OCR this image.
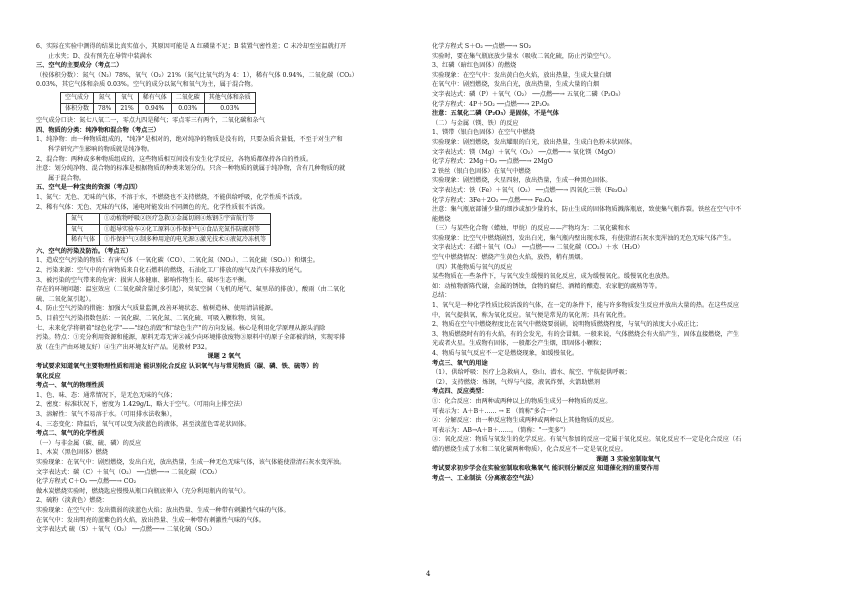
6、实际在实验中测得的结果比真实值小，其原因可能是 A 红磷量不足；B 装置气密性差；C 未冷却至室温就打开
止水夹；D、没有预先在导管中装满水
三、空气的主要成分（考点二）
（按体积分数）：氮气（N₂）78%，氧气（O₂）21%（氮气比氧气约为 4：1），稀有气体 0.94%，二氧化碳（CO₂）
0.03%，其它气体和杂质 0.03%。空气的成分以氮气和氧气为主，属于混合物。
空气成分	氮气	氧气	稀有气体	二氧化碳	其他气体和杂质
体积分数	78%	21%	0.94%	0.03%	0.03%
空气成分口诀：氮七八氧二一，零点九四是稀气；零点零三有两个，二氧化碳和杂气
四、物质的分类：纯净物和混合物（考点三）
1、纯净物：由一种物质组成的，"纯净"是相对的，绝对纯净的物质是没有的，只要杂质含量低，不至于对生产和
科学研究产生影响的物质就是纯净物。
2、混合物：两种或多种物质组成的，这些物质相互间没有发生化学反应，各物质都保持各自的性质。
注意：划分纯净物、混合物的标准是根据物质的种类来划分的。只含一种物质的就属于纯净物，含有几种物质的就
属于混合物。
五、空气是一种宝贵的资源（考点四）
1、氮气：无色、无味的气体，不溶于水，不燃烧也不支持燃烧，不能供给呼吸，化学性质不活泼。
2、稀有气体：无色、无味的气体，通电时能发出不同颜色的光，化学性质很不活泼。
氮气	①动植物呼吸②医疗急救③金属切割④炼钢⑤宇宙航行等
氧气	①超导实验车②化工原料③作保护气④食品充氮作防腐剂等
稀有气体	①作保护气②制多种用途的电光源③激光技术④液氦冷冻机等
六、空气的污染及防治。（考点五）
1、造成空气污染的物质：有害气体（一氧化碳（CO）、二氧化氮（NO₂）、二氧化硫（SO₂））和烟尘。
2、污染来源：空气中的有害物质来自化石燃料的燃烧，石油化工厂排放的废气及汽车排放的尾气。
3、被污染的空气带来的危害：损害人体健康、影响作物生长、破坏生态平衡。
存在的环境问题：温室效应（二氧化碳含量过多引起），臭氧空洞（飞机的尾气、氟里昂的排放），酸雨（由二氧化
硫、二氧化氮引起）。
4、防止空气污染的措施：加强大气质量监测,改善环境状态、植树造林、使用清洁能源。
5、目前空气污染指数包括：一氧化碳、二氧化氮、二氧化硫、可吸入颗粒物、臭氧。
七、未来化学将朝着"绿色化学"——"绿色消毁"和"绿色生产"的方向发展。核心是利用化学原理从源头消除
污染。特点：①充分利用资源和能源，原料无毒无害②减少向环境排放废物③原料中的原子全部被消纳，实现零排
放（在生产由环境友好）④生产出环境友好产品。见教材 P32。
课题 2 氧气
考试要求知道氧气主要物理性质和用途 能识别化合反应 认识氧气与与常见物质（碳、磷、铁、硫等）的
氧化反应
考点一、氧气的物理性质
1、色、味、态：通常情况下，是无色无味的气体；
2、密度：标准状况下，密度为 1.429g/L，略大于空气。（可用向上排空法）
3、溶解性：氧气不易溶于水。（可用排水法收集），
4、三态变化：降温后，氧气可以变为淡蓝色的液体，甚至淡蓝色雪花状固体。
考点二、氧气的化学性质
（一）与非金属（碳、硫、磷）的反应
1、木炭（黑色固体）燃烧
实验现象：在氧气中：剧烈燃烧，发出白光，放出热量，生成一种无色无味气体，该气体能使澄清石灰水变浑浊。
文字表达式：碳（C）＋氧气（O₂） ──点燃──→ 二氧化碳（CO₂）
化学方程式 C＋O₂ ──点燃──→ CO₂
做木炭燃烧实验时，燃烧匙应慢慢从瓶口向瓶底伸入（充分利用瓶内的氧气）。
2、硫粉（淡黄色）燃烧：
实验现象：在空气中：发出微弱的淡蓝色火焰；放出热量、生成一种带有刺激性气味的气体。
在氧气中：发出明亮的蓝紫色的火焰，放出热量、生成一种带有刺激性气味的气体。
文字表达式 硫（S）＋氧气（O₂） ──点燃──→ 二氧化硫（SO₂）
化学方程式 S＋O₂ ──点燃──→ SO₂
实验时，要在集气瓶底放少量水（吸收二氧化硫，防止污染空气）。
3、红磷（暗红色固体）的燃烧
实验现象：在空气中：发出黄白色火焰，放出热量，生成大量白烟
在氧气中：剧烈燃烧，发出白光，放出热量，生成大量的白烟
文字表达式：磷（P）＋氧气（O₂） ──点燃──→ 五氧化二磷（P₂O₅）
化学方程式：4P＋5O₂ ──点燃──→ 2P₂O₅
注意：五氧化二磷（P₂O₅）是固体，不是气体
（二）与金属（镁、铁）的反应
1、镁带（银白色固体）在空气中燃烧
实验现象：剧烈燃烧，发出耀眼的白光，放出热量，生成白色粉末状固体。
文字表达式：镁（Mg）＋氧气（O₂） ──点燃──→ 氧化镁（MgO）
化学方程式：2Mg＋O₂ ──点燃──→ 2MgO
2 铁丝（银白色固体）在氧气中燃烧
实验现象：剧烈燃烧，火星四射，放出热量，生成一种黑色固体。
文字表达式：铁（Fe）＋氧气（O₂） ──点燃──→ 四氧化三铁（Fe₃O₄）
化学方程式：3Fe＋2O₂ ──点燃──→ Fe₃O₄
注意：集气瓶底部铺少量的细沙或加少量的水，防止生成的固体物质溅落瓶底，致使集气瓶炸裂。铁丝在空气中不
能燃烧
（三）与某些化合物（蜡烛、甲烷）的反应——产物均为：二氧化碳和水
实验现象：比空气中燃烧剧烈，发出白光，集气瓶内壁出现水珠，有使澄清石灰水变浑浊的无色无味气体产生。
文字表达式：石蜡＋氧气（O₂） ──点燃──→ 二氧化碳（CO₂）＋水（H₂O）
空气中燃烧情况：燃烧产生黄色火焰，放热，稍有黑烟。
（四）其他物质与氧气的反应
某些物质在一些条件下，与氧气发生缓慢的氧化反应，成为缓慢氧化。缓慢氧化也放热。
如：动植物新陈代谢，金属的锈蚀，食物的腐烂、酒精的酿造、农家肥的腐熟等等。
总结：
1、氧气是一种化学性质比较活泼的气体，在一定的条件下，能与许多物质发生反应并放出大量的热。在这些反应
中，氧气提供氧，称为氧化反应。氧气便是常见的氧化剂；具有氧化性。
2、物质在空气中燃烧程度比在氧气中燃烧要弱剧，说明物质燃烧程度，与氧气的浓度大小成正比；
3、物质燃烧时有的有火焰，有的会发光，有的会冒烟。一般来说，气体燃烧会有火焰产生，固体直接燃烧，产生
光或者火星。生成物有固体，一般都会产生烟，即固体小颗粒；
4、物质与氧气反应不一定是燃烧现象，如缓慢氧化。
考点三、氧气的用途
（1）、供给呼吸：医疗上急救病人，登山、潜水、航空、宇航提供呼吸；
（2）、支持燃烧：炼钢，气焊与气接，液氧炸弹，火箭助燃剂
考点四、反应类型：
①：化合反应：由两种或两种以上的物质生成另一种物质的反应。
可表示为：A＋B＋…… → E （简称"多合一"）
②：分解反应：由一种反应物生成两种或两种以上其他物质的反应。
可表示为：AB→A＋B＋……。（简称："一变多"）
③：氧化反应：物质与氧发生的化学反应。有氧气参加的反应一定属于氧化反应。氧化反应不一定是化合反应（石
蜡的燃烧生成了水和二氧化碳两种物质），化合反应不一定是氧化反应。
课题 3 实验室制取氧气
考试要求初步学会在实验室制取和收集氧气 能识别分解反应 知道催化剂的重要作用
考点一、工业制法（分离液态空气法）
4
